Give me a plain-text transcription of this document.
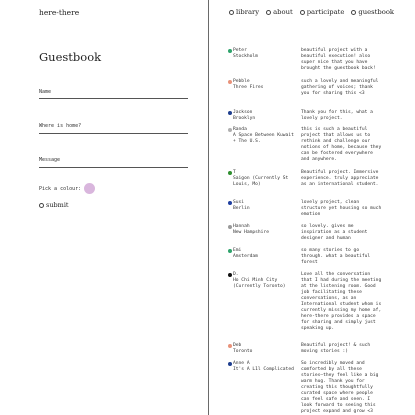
here-there
Guestbook
Name
Where is home?
Message
Pick a colour:
submit
library about participate guestbook
Peter
Stockholm
beautiful project with a beautiful execution! also super nice that you have brought the guestbook back!
Pebble
Three Fires
such a lovely and meaningful gathering of voices; thank you for sharing this <3
Jackson
Brooklyn
Thank you for this, what a lovely project.
Randa
A Space Between Kuwait + The U.S.
this is such a beautiful project that allows us to rethink and challenge our notions of home, because they can be fostered everywhere and anywhere.
T
Saigon (Currently St Louis, Mo)
Beautiful project. Immersive experience. truly appreciate as an international student.
Susi
Berlin
lovely project, clean structure yet housing so much emotion
Hannah
New Hampshire
so lovely. gives me inspiration as a student designer and human
Emi
Amsterdam
so many stories to go through. what a beautiful forest
D.
Ho Chi Minh City (Currently Toronto)
Love all the conversation that I had during the meeting at the listening room. Good job facilitating these conversations, as an International student whom is currently missing my home af, here-there provides a space for sharing and simply just speaking up.
Deb
Toronto
Beautiful project! & such moving stories :)
Anne A
It's A L1l Complicated
So incredibly moved and comforted by all these stories—they feel like a big warm hug. Thank you for creating this thoughtfully curated space where people can feel safe and seen. I look forward to seeing this project expand and grow <3
